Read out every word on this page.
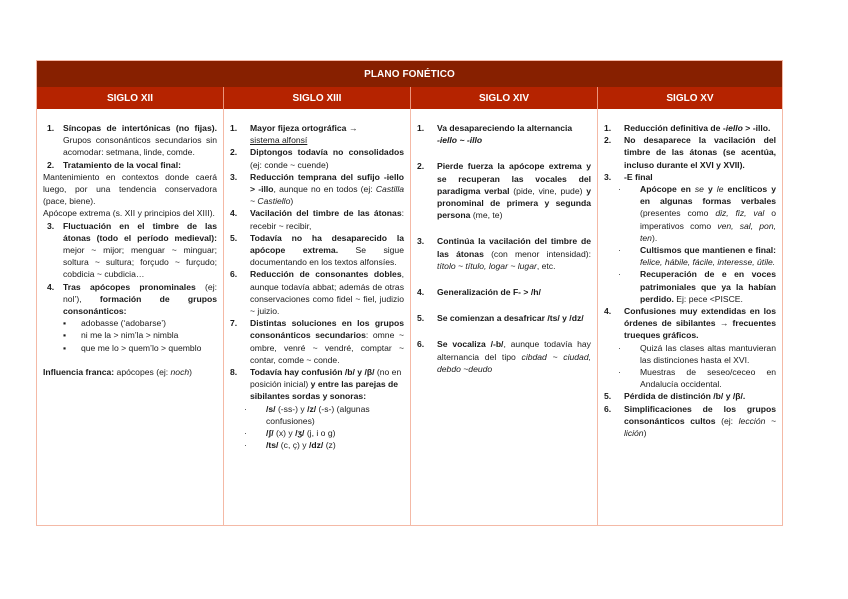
PLANO FONÉTICO
SIGLO XII	SIGLO XIII	SIGLO XIV	SIGLO XV
1.	Síncopas de intertónicas (no fijas). Grupos consonánticos secundarios sin acomodar: setmana, linde, comde.
2.	Tratamiento de la vocal final:
Mantenimiento en contextos donde caerá luego, por una tendencia conservadora (pace, biene).
Apócope extrema (s. XII y principios del XIII).
3.	Fluctuación en el timbre de las átonas (todo el período medieval): mejor ~ mijor; menguar ~ minguar; soltura ~ sultura; forçudo ~ furçudo; cobdicia ~ cubdicia…
4.	Tras apócopes pronominales (ej: nol’), formación de grupos consonánticos:
▪	adobasse (‘adobarse’)
▪	ni me la > nim’la > nimbla
▪	que me lo > quem’lo > quemblo
Influencia franca: apócopes (ej: noch)
1.	Mayor fijeza ortográfica →
sistema alfonsí
2.	Diptongos todavía no consolidados (ej: conde ~ cuende)
3.	Reducción temprana del sufijo -iello > -illo, aunque no en todos (ej: Castilla ~ Castiello)
4.	Vacilación del timbre de las átonas: recebir ~ recibir,
5.	Todavía no ha desaparecido la apócope extrema. Se sigue documentando en los textos alfonsíes.
6.	Reducción de consonantes dobles, aunque todavía abbat; además de otras conservaciones como fidel ~ fiel, judizio ~ juizio.
7.	Distintas soluciones en los grupos consonánticos secundarios: omne ~ ombre, venré ~ vendré, comptar ~ contar, comde ~ conde.
8.	Todavía hay confusión /b/ y /β/ (no en posición inicial) y entre las parejas de sibilantes sordas y sonoras:
·	/s/ (-ss-) y /z/ (-s-) (algunas confusiones)
·	/ʃ/ (x) y /ʒ/ (j, i o g)
·	/ts/ (c, ç) y /dz/ (z)
1.	Va desapareciendo la alternancia
-iello ~ -illo
2.	Pierde fuerza la apócope extrema y se recuperan las vocales del paradigma verbal (pide, vine, pude) y pronominal de primera y segunda persona (me, te)
3.	Continúa la vacilación del timbre de las átonas (con menor intensidad): títolo ~ título, logar ~ lugar, etc.
4.	Generalización de F- > /h/
5.	Se comienzan a desafricar /ts/ y /dz/
6.	Se vocaliza /-b/, aunque todavía hay alternancia del tipo cibdad ~ ciudad, debdo ~deudo
1.	Reducción definitiva de -iello > -illo.
2.	No desaparece la vacilación del timbre de las átonas (se acentúa, incluso durante el XVI y XVII).
3.	-E final
·	Apócope en se y le enclíticos y en algunas formas verbales (presentes como diz, fiz, val o imperativos como ven, sal, pon, ten).
·	Cultismos que mantienen e final: felice, hábile, fácile, interesse, útile.
·	Recuperación de e en voces patrimoniales que ya la habían perdido. Ej: pece <PISCE.
4.	Confusiones muy extendidas en los órdenes de sibilantes → frecuentes trueques gráficos.
·	Quizá las clases altas mantuvieran las distinciones hasta el XVI.
·	Muestras de seseo/ceceo en Andalucía occidental.
5.	Pérdida de distinción /b/ y /β/.
6.	Simplificaciones de los grupos consonánticos cultos (ej: lección ~ lición)
